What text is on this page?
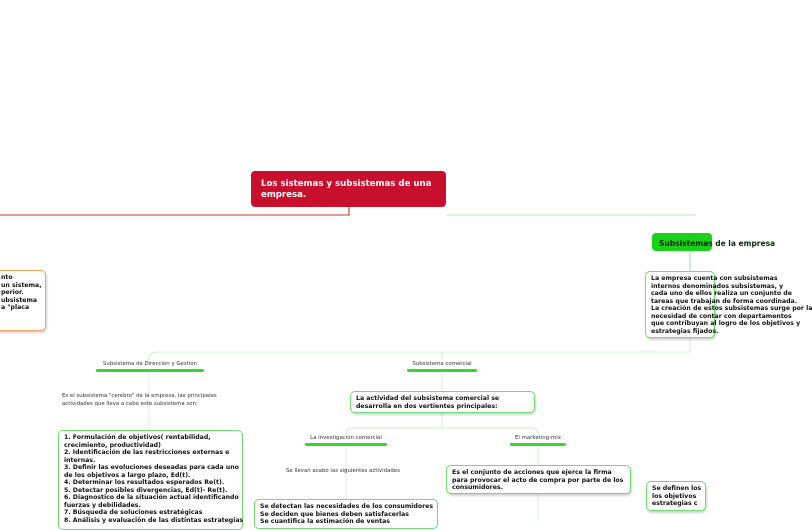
Los sistemas y subsistemas de una empresa.
Subsistemas de la empresa
La empresa cuenta con subsistemas
internos denominados subsistemas, y
cada uno de ellos realiza un conjunto de
tareas que trabajan de forma coordinada.
La creación de estos subsistemas surge por la
necesidad de contar con departamentos
que contribuyan al logro de los objetivos y
estrategias fijados.
nto
un sistema,
perior.
ubsistema
a "placa
Subsistema de Dirección y Gestión
Es el subsistema "cerebro" de la empresa, las principales actividades que lleva a cabo este subsistema son:
1. Formulación de objetivos( rentabilidad,
crecimiento, productividad)
2. Identificación de las restricciones externas e
internas.
3. Definir las evoluciones deseadas para cada uno
de los objetivos a largo plazo, Ed(t).
4. Determinar los resultados esperados Re(t).
5. Detectar posibles divergencias, Ed(t)- Re(t).
6. Diagnostico de la situación actual identificando
fuerzas y debilidades.
7. Búsqueda de soluciones estratégicas
8. Análisis y evaluación de las distintas estrategias
Subsistema comercial
La actividad del subsistema comercial se desarrolla en dos vertientes principales:
La investigación comercial
Se llevan acabo las siguientes actividades
Se detectan las necesidades de los consumidores
Se deciden que bienes deben satisfacerlas
Se cuantifica la estimación de ventas
El marketing-mix
Es el conjunto de acciones que ejerce la firma para provocar el acto de compra por parte de los consumidores.	Se definen los
los objetivos
estrategias c
